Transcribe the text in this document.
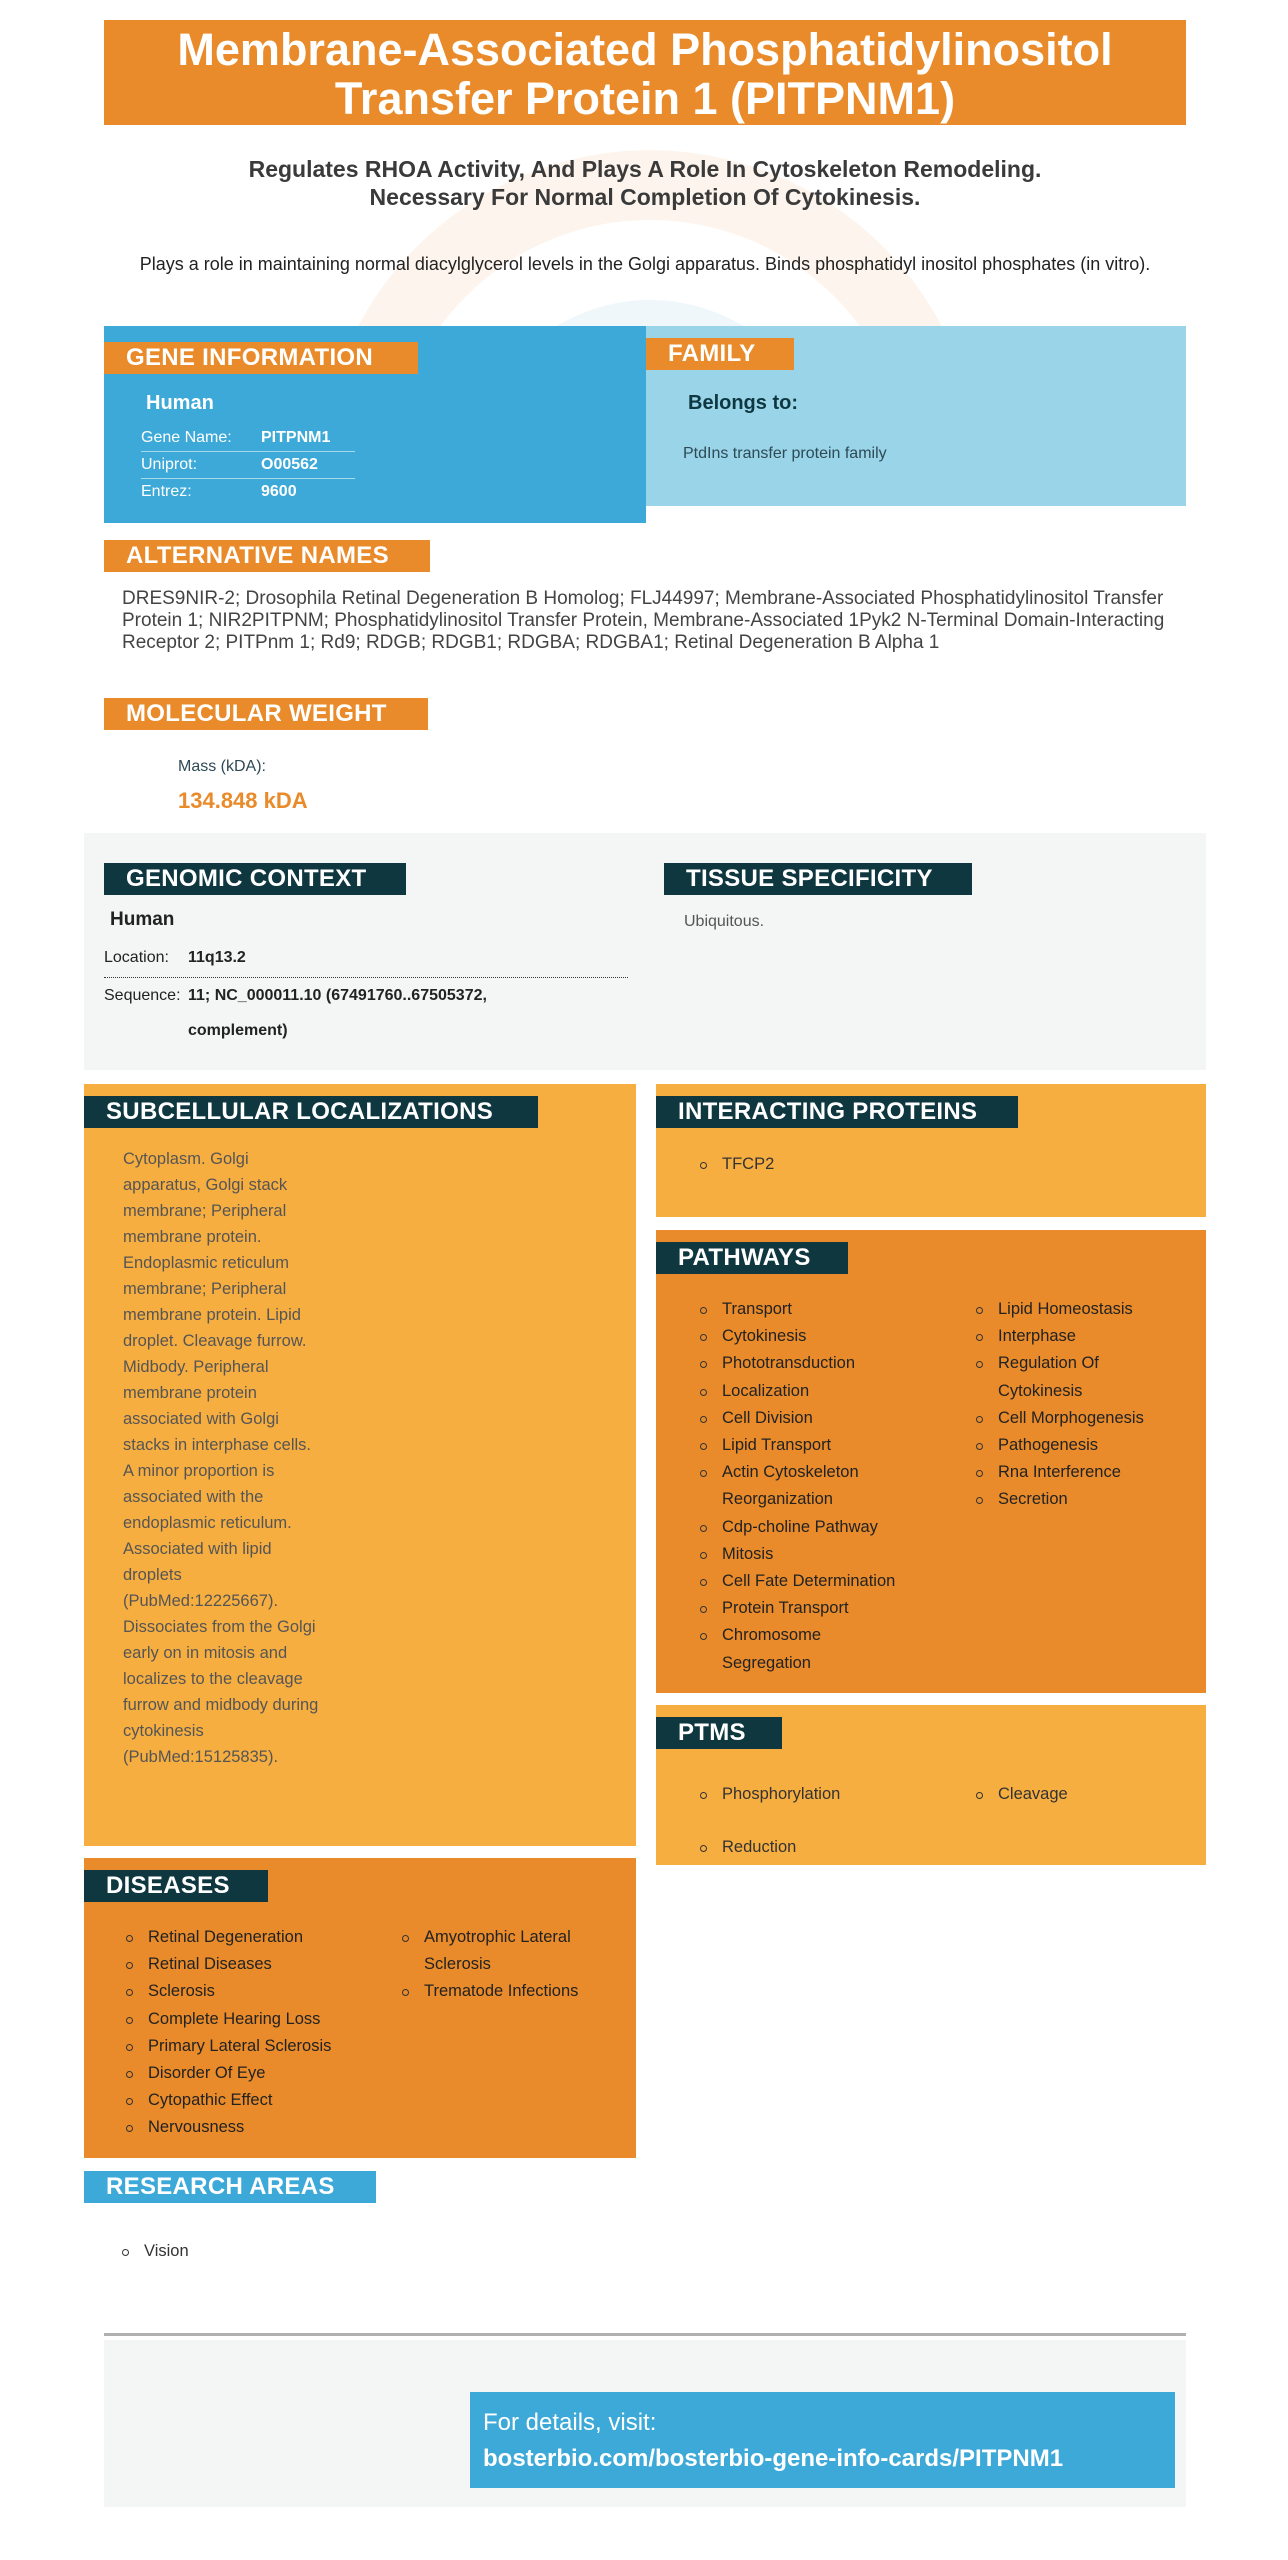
Membrane-Associated Phosphatidylinositol Transfer Protein 1 (PITPNM1)
Regulates RHOA Activity, And Plays A Role In Cytoskeleton Remodeling.
Necessary For Normal Completion Of Cytokinesis.
Plays a role in maintaining normal diacylglycerol levels in the Golgi apparatus. Binds phosphatidyl inositol phosphates (in vitro).
GENE INFORMATION
Human
Gene Name: PITPNM1
Uniprot:	O00562
Entrez:	9600
FAMILY
Belongs to:
PtdIns transfer protein family
ALTERNATIVE NAMES
DRES9NIR-2; Drosophila Retinal Degeneration B Homolog; FLJ44997; Membrane-Associated Phosphatidylinositol Transfer Protein 1; NIR2PITPNM; Phosphatidylinositol Transfer Protein, Membrane-Associated 1Pyk2 N-Terminal Domain-Interacting Receptor 2; PITPnm 1; Rd9; RDGB; RDGB1; RDGBA; RDGBA1; Retinal Degeneration B Alpha 1
MOLECULAR WEIGHT
Mass (kDA):
134.848 kDA
GENOMIC CONTEXT
Human
Location: 11q13.2
Sequence: 11; NC_000011.10 (67491760..67505372,
complement)
TISSUE SPECIFICITY
Ubiquitous.
SUBCELLULAR LOCALIZATIONS
Cytoplasm. Golgi apparatus, Golgi stack membrane; Peripheral membrane protein. Endoplasmic reticulum membrane; Peripheral membrane protein. Lipid droplet. Cleavage furrow. Midbody. Peripheral membrane protein associated with Golgi stacks in interphase cells. A minor proportion is associated with the endoplasmic reticulum. Associated with lipid droplets (PubMed:12225667). Dissociates from the Golgi early on in mitosis and localizes to the cleavage furrow and midbody during cytokinesis (PubMed:15125835).
INTERACTING PROTEINS
TFCP2
PATHWAYS
Transport
Cytokinesis
Phototransduction
Localization
Cell Division
Lipid Transport
Actin Cytoskeleton Reorganization
Cdp-choline Pathway
Mitosis
Cell Fate Determination
Protein Transport
Chromosome Segregation
Lipid Homeostasis
Interphase
Regulation Of Cytokinesis
Cell Morphogenesis
Pathogenesis
Rna Interference
Secretion
PTMS
Phosphorylation
Reduction
Cleavage
DISEASES
Retinal Degeneration
Retinal Diseases
Sclerosis
Complete Hearing Loss
Primary Lateral Sclerosis
Disorder Of Eye
Cytopathic Effect
Nervousness
Amyotrophic Lateral Sclerosis
Trematode Infections
RESEARCH AREAS
Vision
For details, visit:
bosterbio.com/bosterbio-gene-info-cards/PITPNM1
